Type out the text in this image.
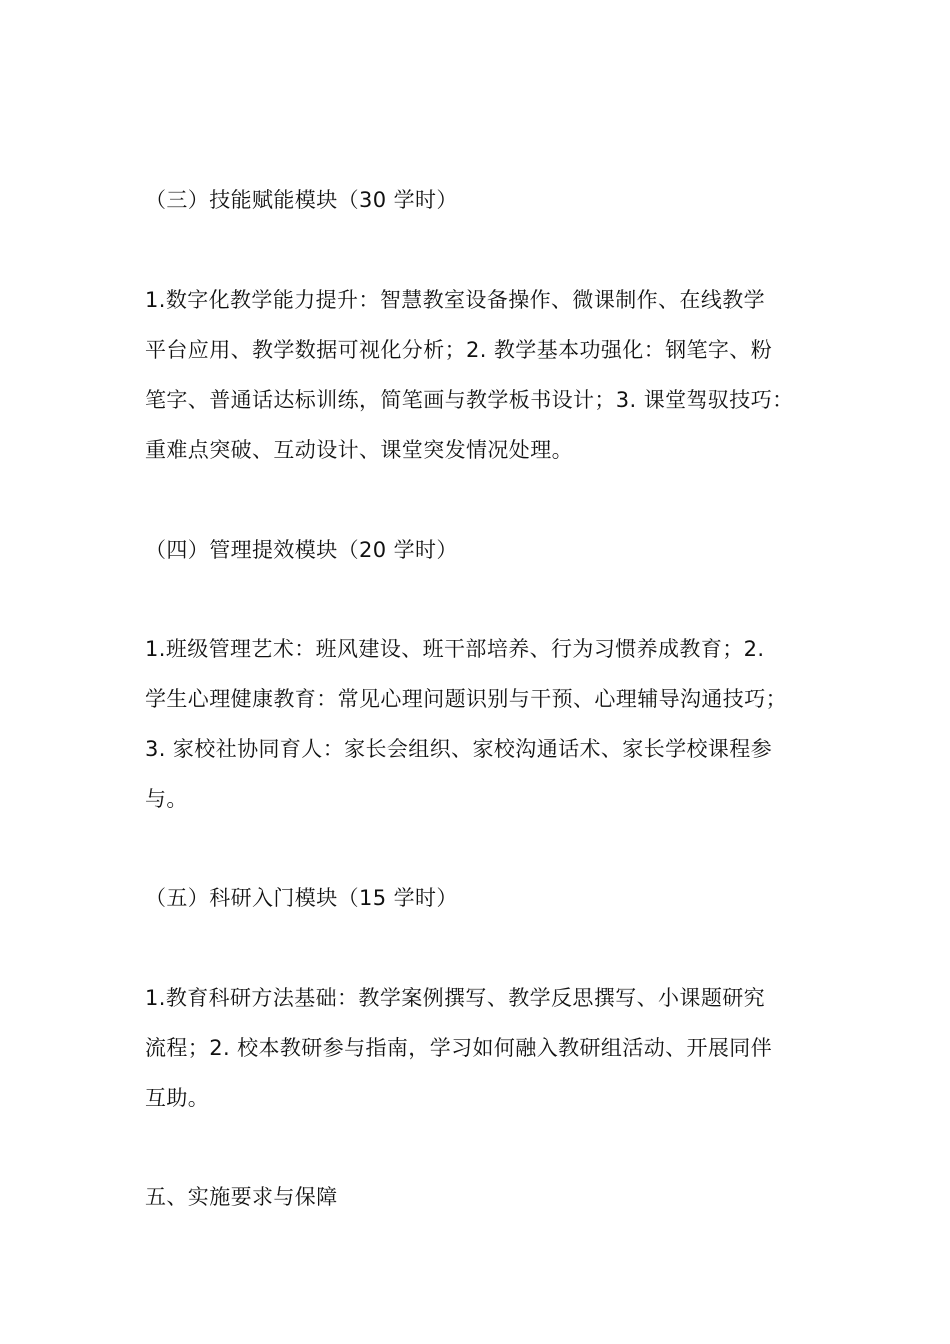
（三）技能赋能模块（30 学时）
1.数字化教学能力提升：智慧教室设备操作、微课制作、在线教学
平台应用、教学数据可视化分析；2. 教学基本功强化：钢笔字、粉
笔字、普通话达标训练，简笔画与教学板书设计；3. 课堂驾驭技巧：
重难点突破、互动设计、课堂突发情况处理。
（四）管理提效模块（20 学时）
1.班级管理艺术：班风建设、班干部培养、行为习惯养成教育；2.
学生心理健康教育：常见心理问题识别与干预、心理辅导沟通技巧；
3. 家校社协同育人：家长会组织、家校沟通话术、家长学校课程参
与。
（五）科研入门模块（15 学时）
1.教育科研方法基础：教学案例撰写、教学反思撰写、小课题研究
流程；2. 校本教研参与指南，学习如何融入教研组活动、开展同伴
互助。
五、实施要求与保障
